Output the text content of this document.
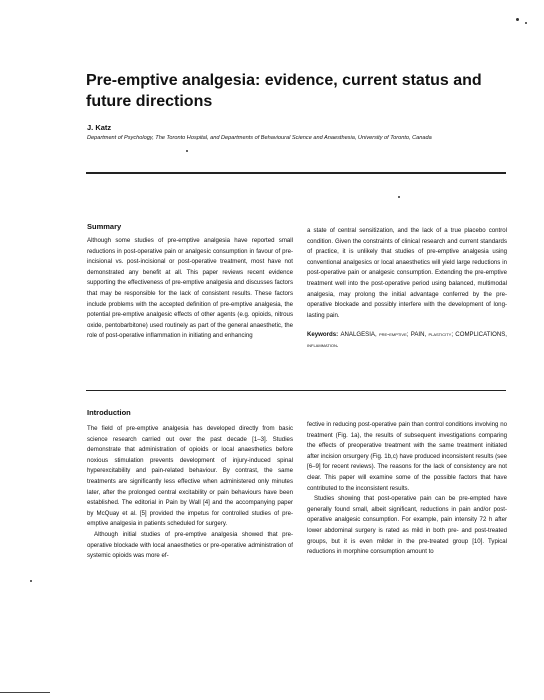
Pre-emptive analgesia: evidence, current status and future directions
J. Katz
Department of Psychology, The Toronto Hospital, and Departments of Behavioural Science and Anaesthesia, University of Toronto, Canada
Summary

Although some studies of pre-emptive analgesia have reported small reductions in post-operative pain or analgesic consumption in favour of pre-incisional vs. post-incisional or post-operative treatment, most have not demonstrated any benefit at all. This paper reviews recent evidence supporting the effectiveness of pre-emptive analgesia and discusses factors that may be responsible for the lack of consistent results. These factors include problems with the accepted definition of pre-emptive analgesia, the potential pre-emptive analgesic effects of other agents (e.g. opioids, nitrous oxide, pentobarbitone) used routinely as part of the general anaesthetic, the role of post-operative inflammation in initiating and enhancing

a state of central sensitization, and the lack of a true placebo control condition. Given the constraints of clinical research and current standards of practice, it is unlikely that studies of pre-emptive analgesia using conventional analgesics or local anaesthetics will yield large reductions in post-operative pain or analgesic consumption. Extending the pre-emptive treatment well into the post-operative period using balanced, multimodal analgesia, may prolong the initial advantage conferred by the pre-operative blockade and possibly interfere with the development of long-lasting pain.

Keywords: ANALGESIA, pre-emptive; PAIN, plasticity; COMPLICATIONS, inflammation.

Introduction

The field of pre-emptive analgesia has developed directly from basic science research carried out over the past decade [1–3]. Studies demonstrate that administration of opioids or local anaesthetics before noxious stimulation prevents development of injury-induced spinal hyperexcitability and pain-related behaviour. By contrast, the same treatments are significantly less effective when administered only minutes later, after the prolonged central excitability or pain behaviours have been established. The editorial in Pain by Wall [4] and the accompanying paper by McQuay et al. [5] provided the impetus for controlled studies of pre-emptive analgesia in patients scheduled for surgery.

Although initial studies of pre-emptive analgesia showed that pre-operative blockade with local anaesthetics or pre-operative administration of systemic opioids was more ef-

fective in reducing post-operative pain than control conditions involving no treatment (Fig. 1a), the results of subsequent investigations comparing the effects of preoperative treatment with the same treatment initiated after incision orsurgery (Fig. 1b,c) have produced inconsistent results (see [6–9] for recent reviews). The reasons for the lack of consistency are not clear. This paper will examine some of the possible factors that have contributed to the inconsistent results.

Studies showing that post-operative pain can be pre-empted have generally found small, albeit significant, reductions in pain and/or post-operative analgesic consumption. For example, pain intensity 72 h after lower abdominal surgery is rated as mild in both pre- and post-treated groups, but it is even milder in the pre-treated group [10]. Typical reductions in morphine consumption amount to
